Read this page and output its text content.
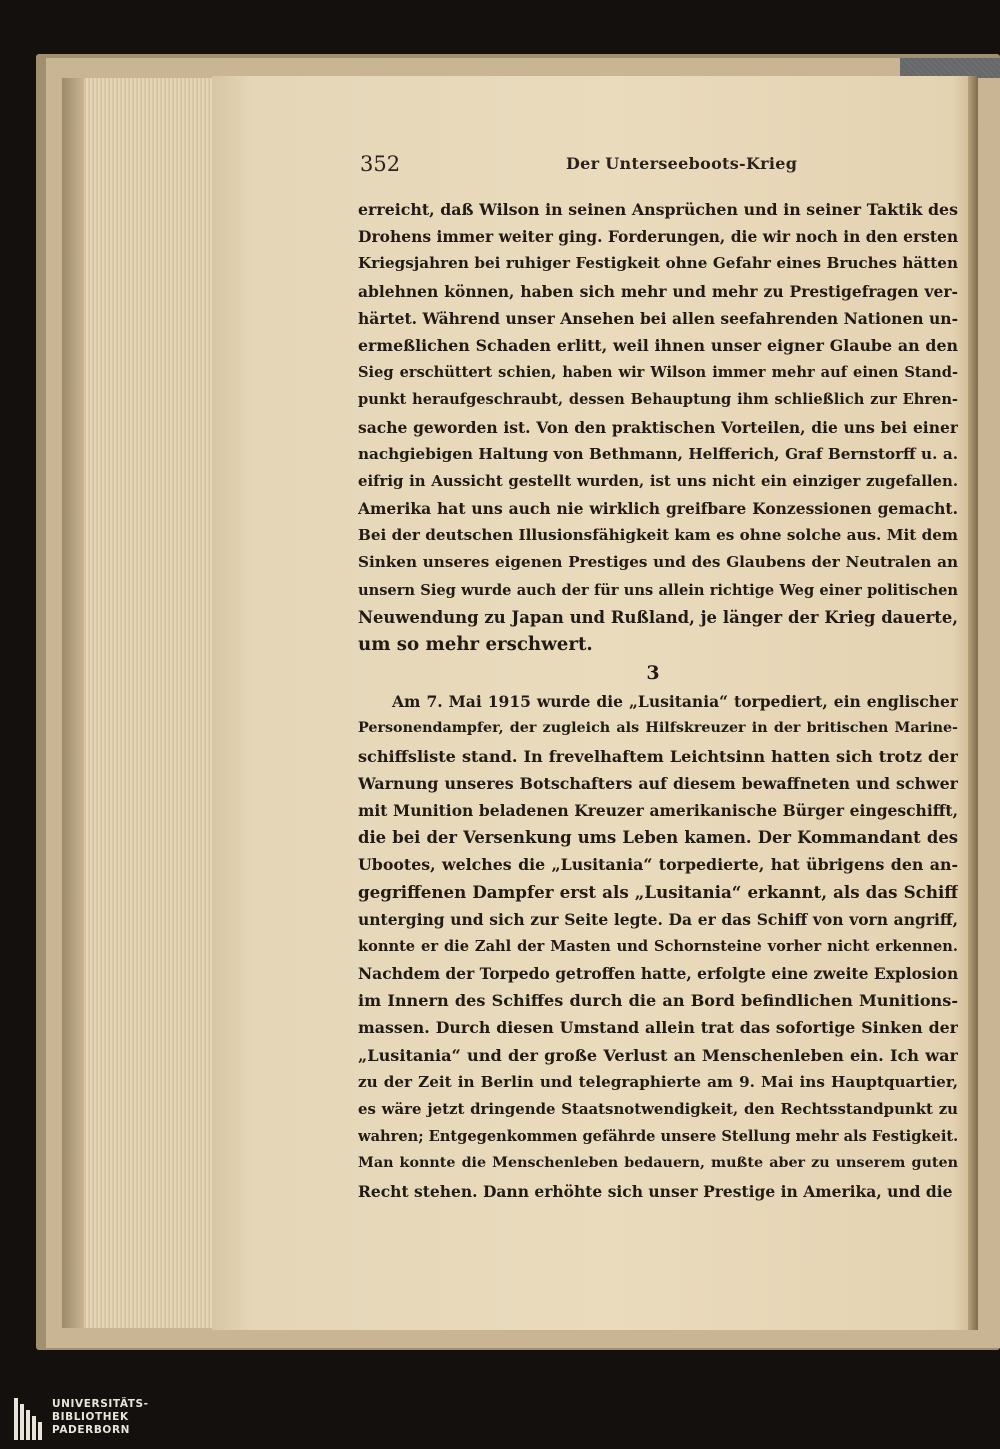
352	Der Unterseeboots-Krieg
erreicht, daß Wilson in seinen Ansprüchen und in seiner Taktik des
Drohens immer weiter ging. Forderungen, die wir noch in den ersten
Kriegsjahren bei ruhiger Festigkeit ohne Gefahr eines Bruches hätten
ablehnen können, haben sich mehr und mehr zu Prestigefragen ver-
härtet. Während unser Ansehen bei allen seefahrenden Nationen un-
ermeßlichen Schaden erlitt, weil ihnen unser eigner Glaube an den
Sieg erschüttert schien, haben wir Wilson immer mehr auf einen Stand-
punkt heraufgeschraubt, dessen Behauptung ihm schließlich zur Ehren-
sache geworden ist. Von den praktischen Vorteilen, die uns bei einer
nachgiebigen Haltung von Bethmann, Helfferich, Graf Bernstorff u. a.
eifrig in Aussicht gestellt wurden, ist uns nicht ein einziger zugefallen.
Amerika hat uns auch nie wirklich greifbare Konzessionen gemacht.
Bei der deutschen Illusionsfähigkeit kam es ohne solche aus. Mit dem
Sinken unseres eigenen Prestiges und des Glaubens der Neutralen an
unsern Sieg wurde auch der für uns allein richtige Weg einer politischen
Neuwendung zu Japan und Rußland, je länger der Krieg dauerte,
um so mehr erschwert.
3
Am 7. Mai 1915 wurde die „Lusitania“ torpediert, ein englischer
Personendampfer, der zugleich als Hilfskreuzer in der britischen Marine-
schiffsliste stand. In frevelhaftem Leichtsinn hatten sich trotz der
Warnung unseres Botschafters auf diesem bewaffneten und schwer
mit Munition beladenen Kreuzer amerikanische Bürger eingeschifft,
die bei der Versenkung ums Leben kamen. Der Kommandant des
Ubootes, welches die „Lusitania“ torpedierte, hat übrigens den an-
gegriffenen Dampfer erst als „Lusitania“ erkannt, als das Schiff
unterging und sich zur Seite legte. Da er das Schiff von vorn angriff,
konnte er die Zahl der Masten und Schornsteine vorher nicht erkennen.
Nachdem der Torpedo getroffen hatte, erfolgte eine zweite Explosion
im Innern des Schiffes durch die an Bord befindlichen Munitions-
massen. Durch diesen Umstand allein trat das sofortige Sinken der
„Lusitania“ und der große Verlust an Menschenleben ein. Ich war
zu der Zeit in Berlin und telegraphierte am 9. Mai ins Hauptquartier,
es wäre jetzt dringende Staatsnotwendigkeit, den Rechtsstandpunkt zu
wahren; Entgegenkommen gefährde unsere Stellung mehr als Festigkeit.
Man konnte die Menschenleben bedauern, mußte aber zu unserem guten
Recht stehen. Dann erhöhte sich unser Prestige in Amerika, und die
UNIVERSITÄTS-
BIBLIOTHEK
PADERBORN
